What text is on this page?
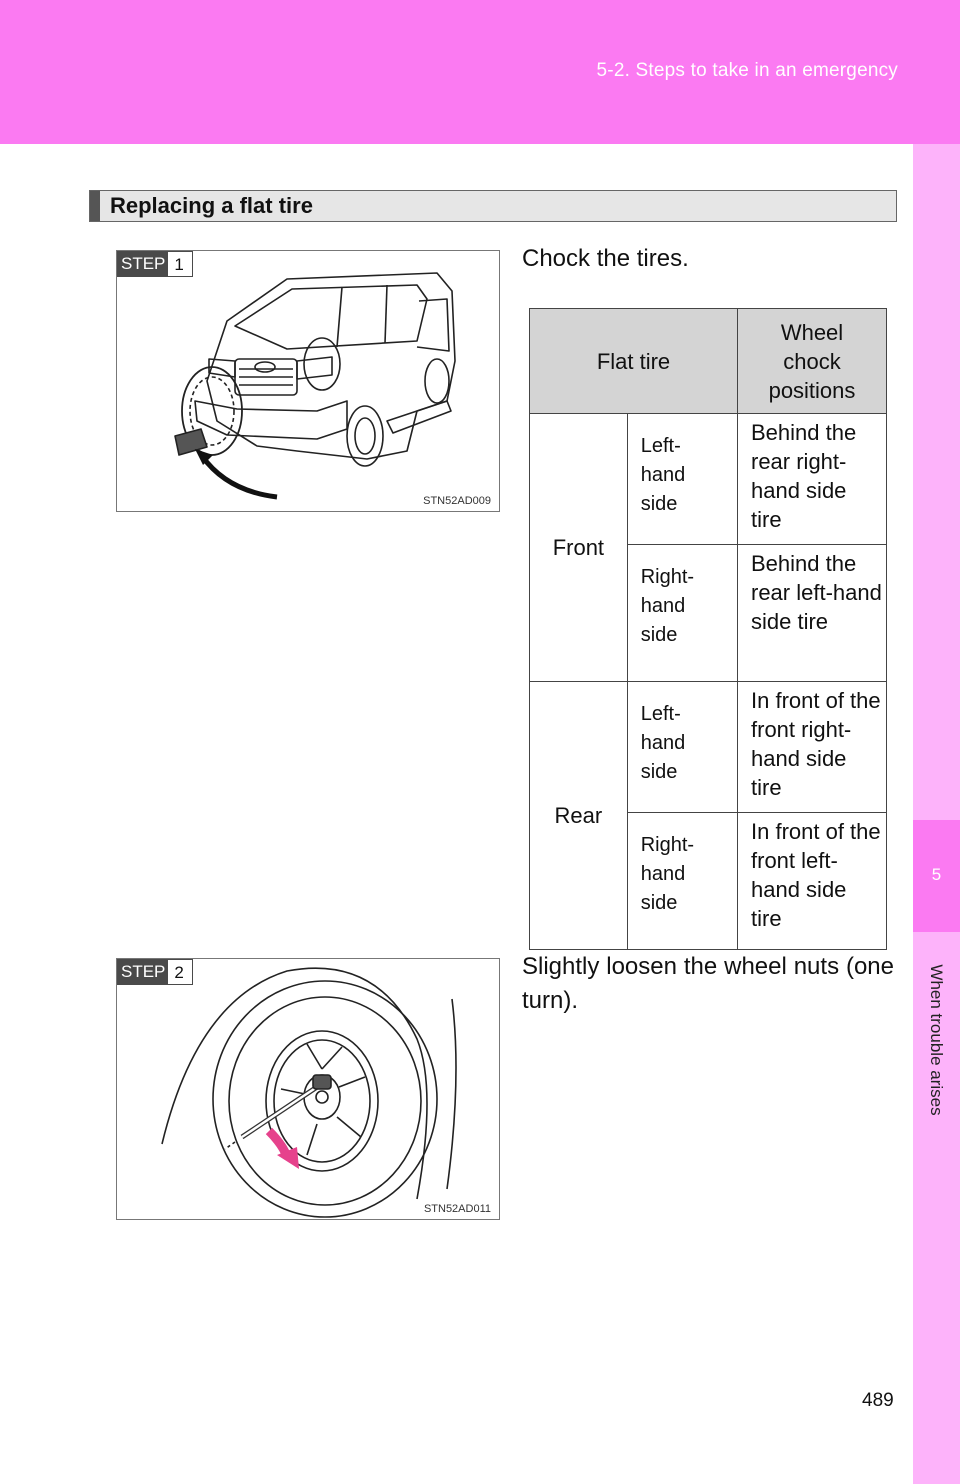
5-2. Steps to take in an emergency
5
When trouble arises
Replacing a flat tire
STEP 1
STN52AD009
Chock the tires.
Flat tire		Wheel chock positions
Front	Left-hand side	Behind the rear right-hand side tire
	Right-hand side	Behind the rear left-hand side tire
Rear	Left-hand side	In front of the front right-hand side tire
	Right-hand side	In front of the front left-hand side tire
STEP 2
STN52AD011
Slightly loosen the wheel nuts (one turn).
489
